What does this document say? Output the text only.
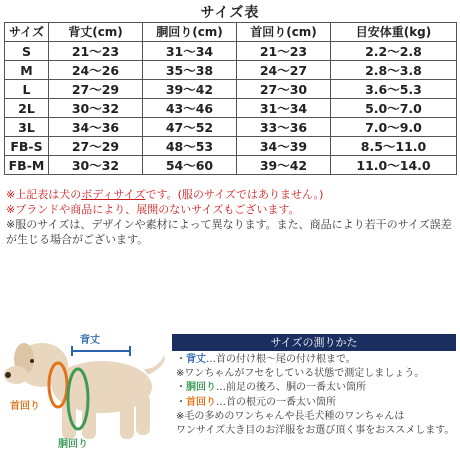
サイズ表
サイズ	背丈(cm)	胴回り(cm)	首回り(cm)	目安体重(kg)
S	21～23	31～34	21～23	2.2～2.8
M	24～26	35～38	24～27	2.8～3.8
L	27～29	39～42	27～30	3.6～5.3
2L	30～32	43～46	31～34	5.0～7.0
3L	34～36	47～52	33～36	7.0～9.0
FB-S	27～29	48～53	34～39	8.5～11.0
FB-M	30～32	54～60	39～42	11.0～14.0
※上記表は犬のボディサイズです。(服のサイズではありません。)
※ブランドや商品により、展開のないサイズもございます。
※服のサイズは、デザインや素材によって異なります。また、商品により若干のサイズ誤差が生じる場合がございます。
背丈
首回り
胴回り
サイズの測りかた
・背丈…首の付け根～尾の付け根まで。
※ワンちゃんがフセをしている状態で測定しましょう。
・胴回り…前足の後ろ、胴の一番太い箇所
・首回り…首の根元の一番太い箇所
※毛の多めのワンちゃんや長毛犬種のワンちゃんは
ワンサイズ大き目のお洋服をお選び頂く事をおススメします。
